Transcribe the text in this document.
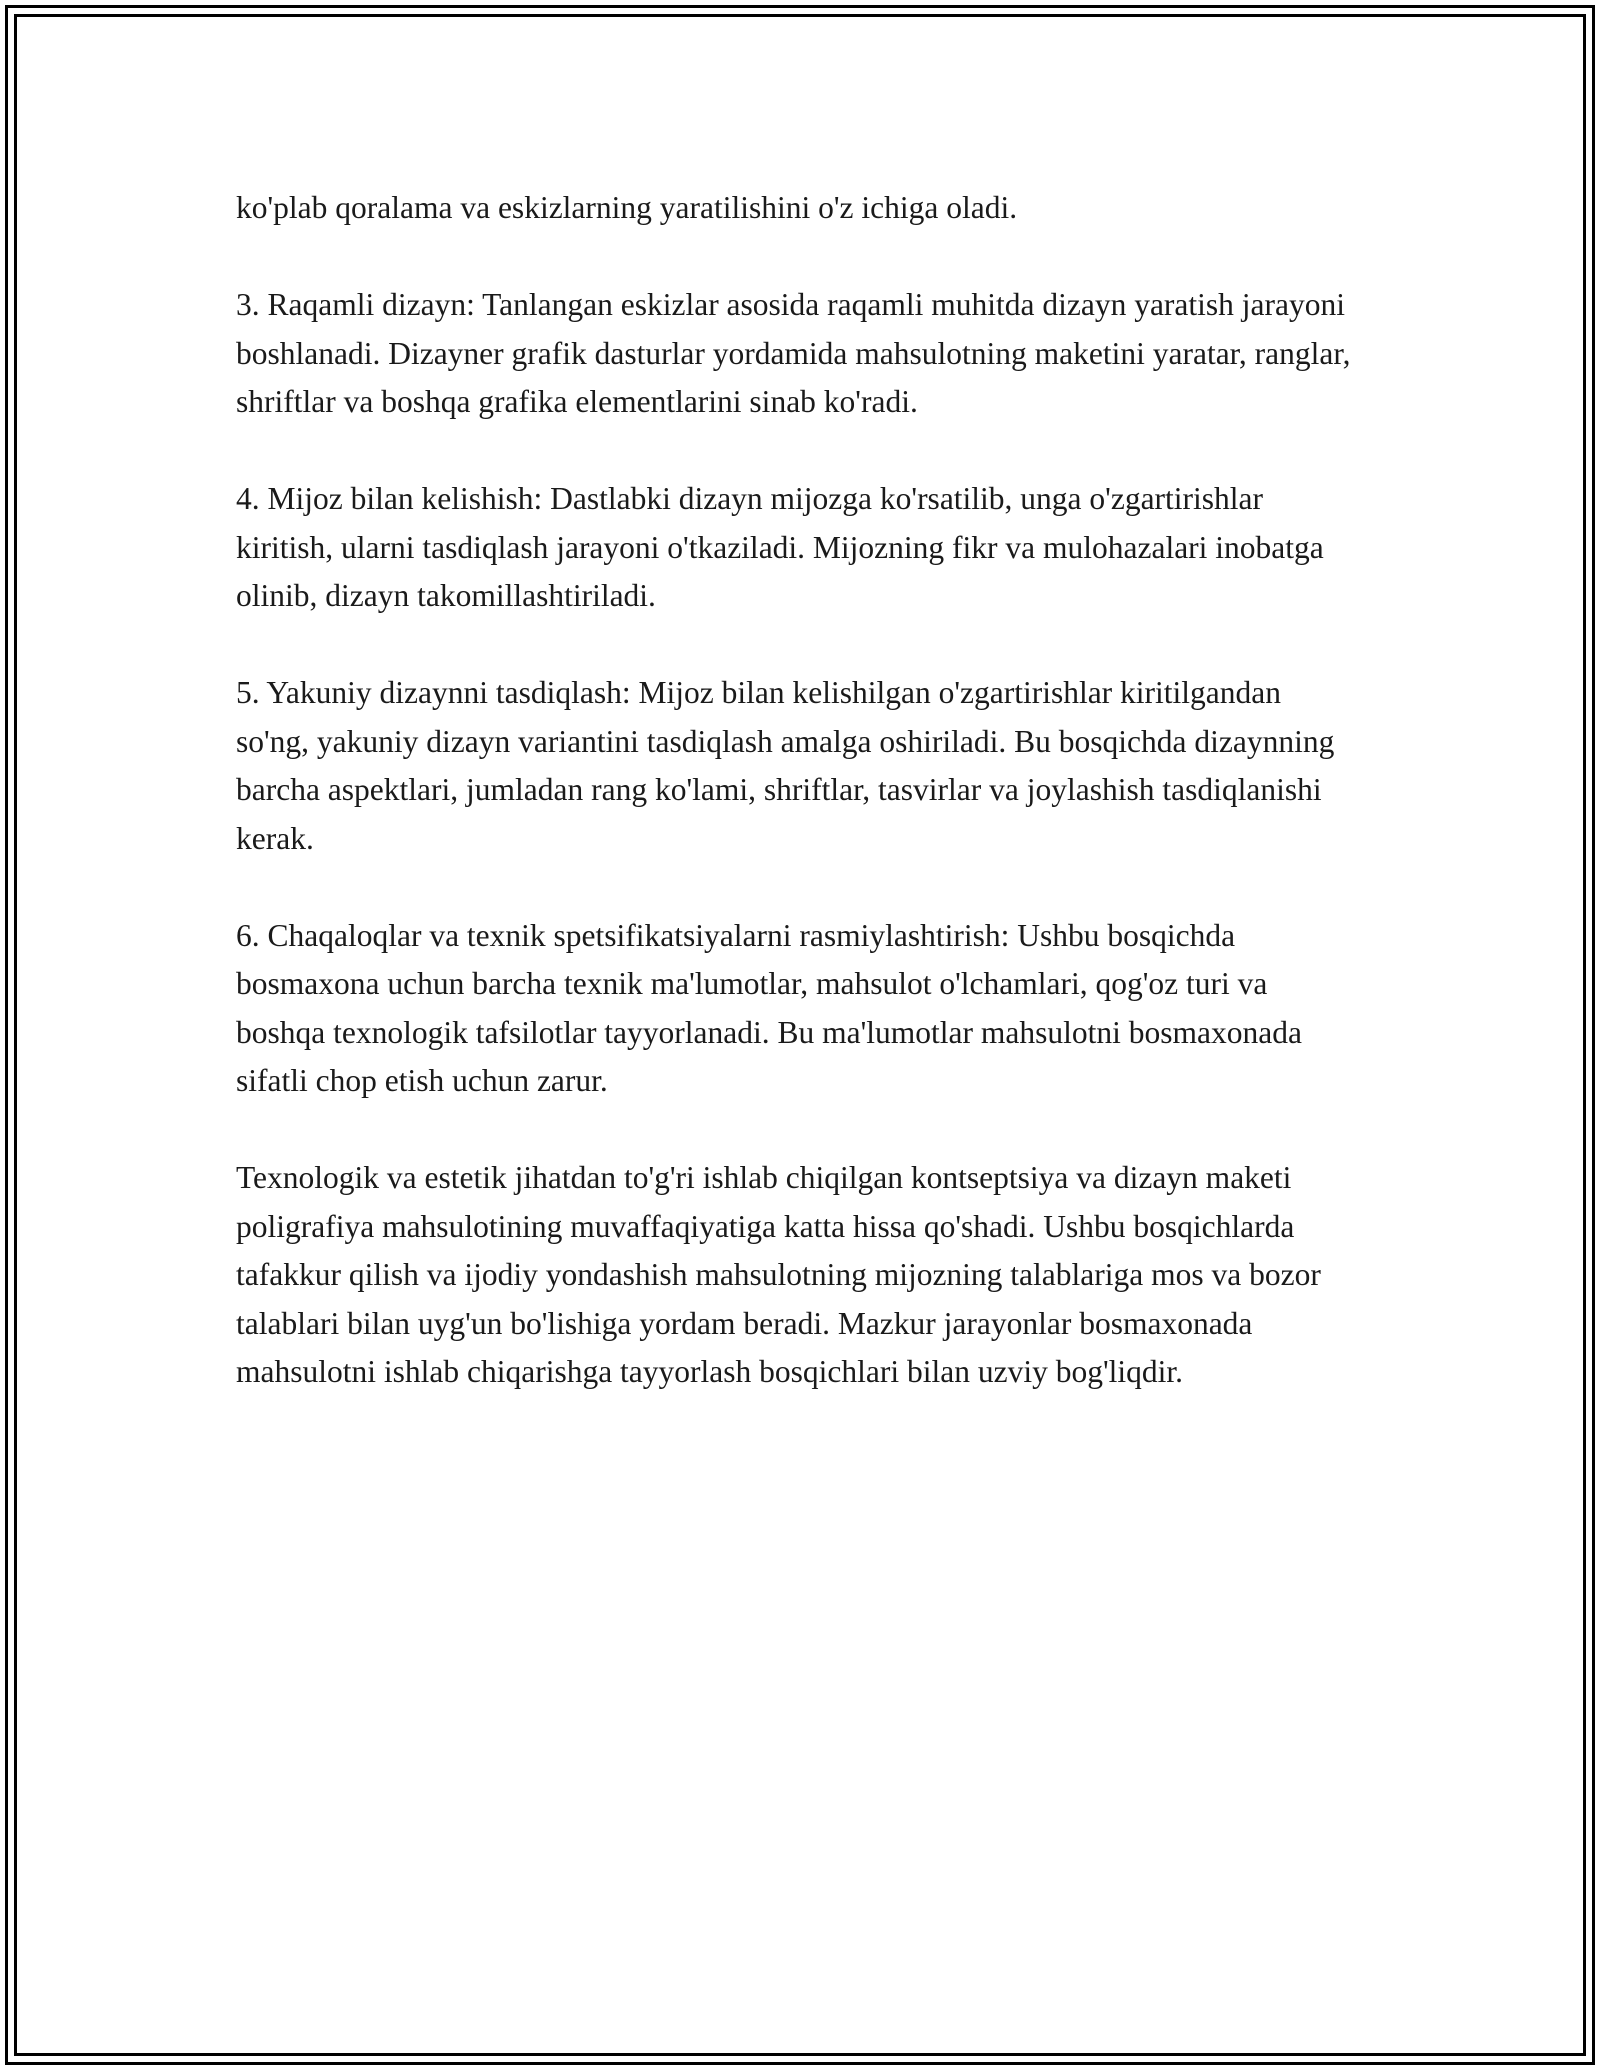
ko'plab qoralama va eskizlarning yaratilishini o'z ichiga oladi.

3. Raqamli dizayn: Tanlangan eskizlar asosida raqamli muhitda dizayn yaratish jarayoni boshlanadi. Dizayner grafik dasturlar yordamida mahsulotning maketini yaratar, ranglar, shriftlar va boshqa grafika elementlarini sinab ko'radi.

4. Mijoz bilan kelishish: Dastlabki dizayn mijozga ko'rsatilib, unga o'zgartirishlar kiritish, ularni tasdiqlash jarayoni o'tkaziladi. Mijozning fikr va mulohazalari inobatga olinib, dizayn takomillashtiriladi.

5. Yakuniy dizaynni tasdiqlash: Mijoz bilan kelishilgan o'zgartirishlar kiritilgandan so'ng, yakuniy dizayn variantini tasdiqlash amalga oshiriladi. Bu bosqichda dizaynning barcha aspektlari, jumladan rang ko'lami, shriftlar, tasvirlar va joylashish tasdiqlanishi kerak.

6. Chaqaloqlar va texnik spetsifikatsiyalarni rasmiylashtirish: Ushbu bosqichda bosmaxona uchun barcha texnik ma'lumotlar, mahsulot o'lchamlari, qog'oz turi va boshqa texnologik tafsilotlar tayyorlanadi. Bu ma'lumotlar mahsulotni bosmaxonada sifatli chop etish uchun zarur.

Texnologik va estetik jihatdan to'g'ri ishlab chiqilgan kontseptsiya va dizayn maketi poligrafiya mahsulotining muvaffaqiyatiga katta hissa qo'shadi. Ushbu bosqichlarda tafakkur qilish va ijodiy yondashish mahsulotning mijozning talablariga mos va bozor talablari bilan uyg'un bo'lishiga yordam beradi. Mazkur jarayonlar bosmaxonada mahsulotni ishlab chiqarishga tayyorlash bosqichlari bilan uzviy bog'liqdir.
